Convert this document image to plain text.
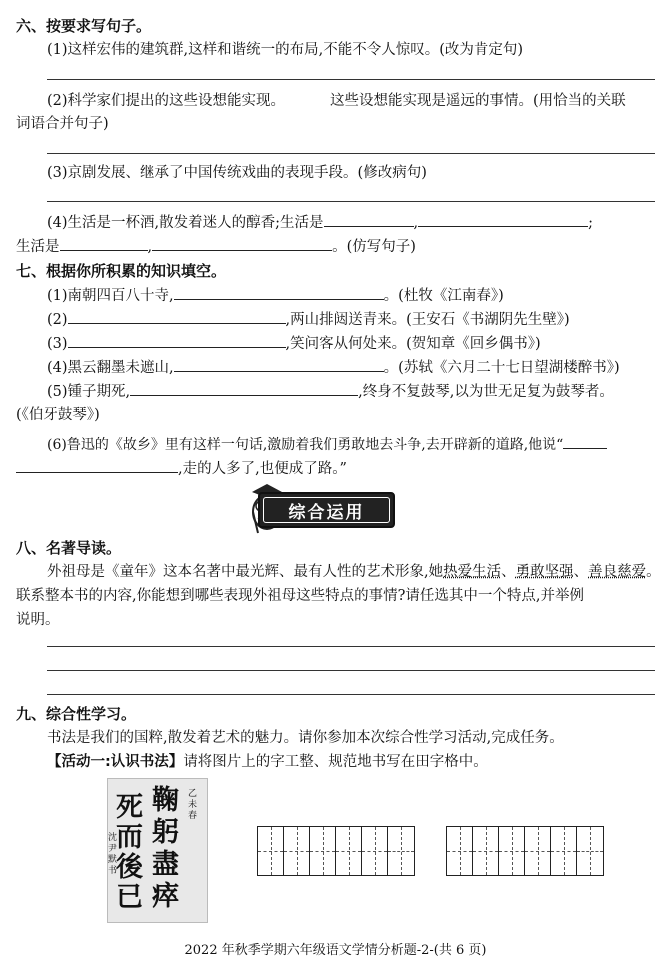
六、按要求写句子。
(1)这样宏伟的建筑群,这样和谐统一的布局,不能不令人惊叹。(改为肯定句)
(2)科学家们提出的这些设想能实现。	这些设想能实现是遥远的事情。(用恰当的关联
词语合并句子)
(3)京剧发展、继承了中国传统戏曲的表现手段。(修改病句)
(4)生活是一杯酒,散发着迷人的醇香;生活是	,	;
生活是	,	。(仿写句子)
七、根据你所积累的知识填空。
(1)南朝四百八十寺,	。(杜牧《江南春》)
(2)	,两山排闼送青来。(王安石《书湖阴先生壁》)
(3)	,笑问客从何处来。(贺知章《回乡偶书》)
(4)黑云翻墨未遮山,	。(苏轼《六月二十七日望湖楼醉书》)
(5)锺子期死,	,终身不复鼓琴,以为世无足复为鼓琴者。
(《伯牙鼓琴》)
(6)鲁迅的《故乡》里有这样一句话,激励着我们勇敢地去斗争,去开辟新的道路,他说“
,走的人多了,也便成了路。”
综合运用
八、名著导读。
外祖母是《童年》这本名著中最光辉、最有人性的艺术形象,她热爱生活、勇敢坚强、善良慈爱。
联系整本书的内容,你能想到哪些表现外祖母这些特点的事情?请任选其中一个特点,并举例
说明。
九、综合性学习。
书法是我们的国粹,散发着艺术的魅力。请你参加本次综合性学习活动,完成任务。
【活动一:认识书法】请将图片上的字工整、规范地书写在田字格中。
鞠躬盡瘁
死而後已
乙未春
沈尹默书
2022 年秋季学期六年级语文学情分析题-2-(共 6 页)
